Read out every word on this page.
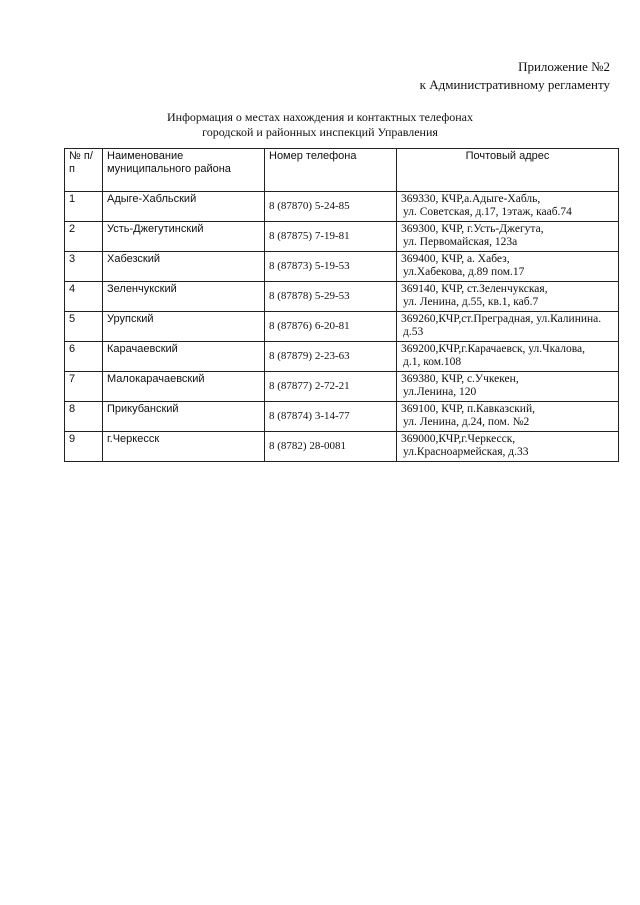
Приложение №2
к Административному регламенту
Информация о местах нахождения и контактных телефонах
городской и районных инспекций Управления
№ п/п	Наименование муниципального района	Номер телефона	Почтовый адрес
1	Адыге-Хабльский	8 (87870) 5-24-85	369330, КЧР,а.Адыге-Хабль,
ул. Советская, д.17, 1этаж, кааб.74

2	Усть-Джегутинский	8 (87875) 7-19-81	369300, КЧР, г.Усть-Джегута,
ул. Первомайская, 123а

3	Хабезский	8 (87873) 5-19-53	369400, КЧР, а. Хабез,
ул.Хабекова, д.89 пом.17

4	Зеленчукский	8 (87878) 5-29-53	369140, КЧР, ст.Зеленчукская,
ул. Ленина, д.55, кв.1, каб.7

5	Урупский	8 (87876) 6-20-81	369260,КЧР,ст.Преградная, ул.Калинина.
д.53

6	Карачаевский	8 (87879) 2-23-63	369200,КЧР,г.Карачаевск, ул.Чкалова,
д.1, ком.108

7	Малокарачаевский	8 (87877) 2-72-21	369380, КЧР, с.Учкекен,
ул.Ленина, 120

8	Прикубанский	8 (87874) 3-14-77	369100, КЧР, п.Кавказский,
ул. Ленина, д.24, пом. №2

9	г.Черкесск	8 (8782) 28-0081	369000,КЧР,г.Черкесск,
ул.Красноармейская, д.33
